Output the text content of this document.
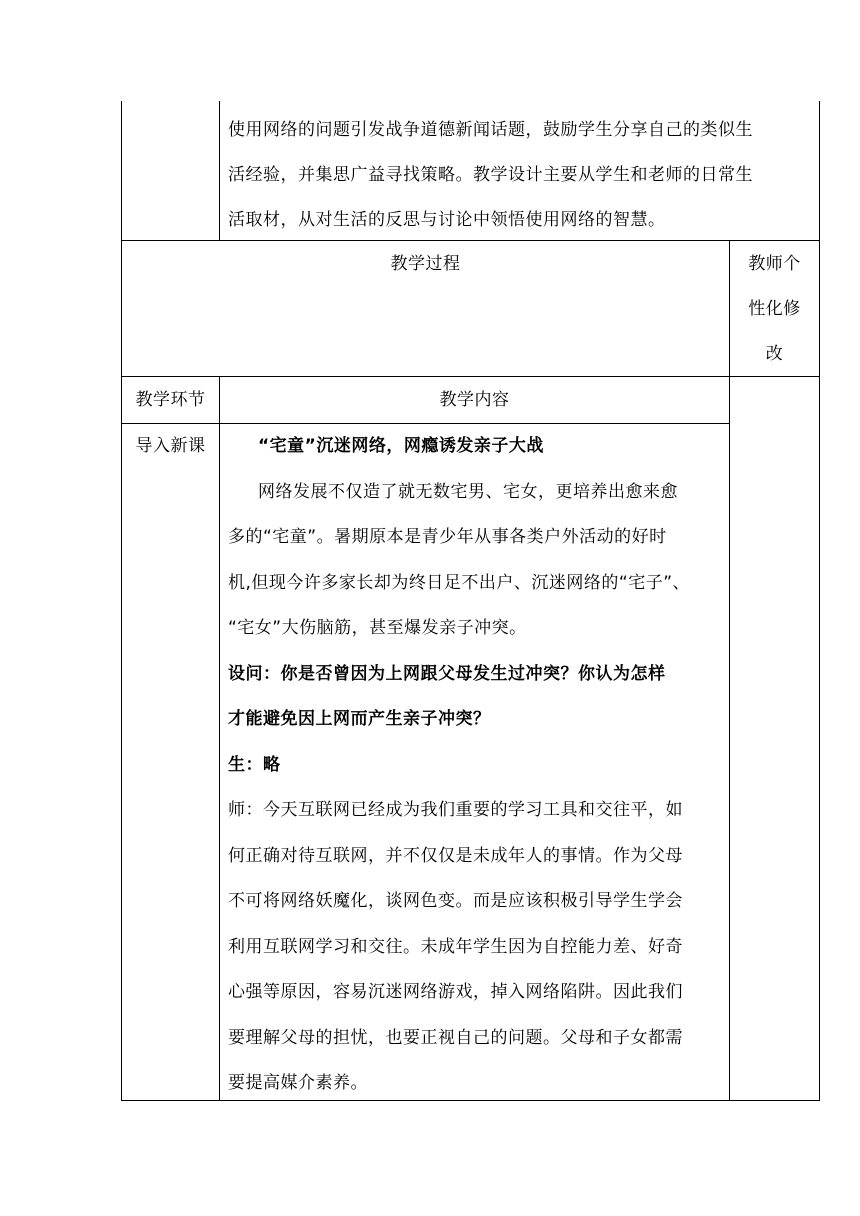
使用网络的问题引发战争道德新闻话题，鼓励学生分享自己的类似生
活经验，并集思广益寻找策略。教学设计主要从学生和老师的日常生
活取材，从对生活的反思与讨论中领悟使用网络的智慧。
教学过程	教师个
性化修
改
教学环节	教学内容
导入新课	“宅童”沉迷网络，网瘾诱发亲子大战
网络发展不仅造了就无数宅男、宅女，更培养出愈来愈
多的“宅童”。暑期原本是青少年从事各类户外活动的好时
机,但现今许多家长却为终日足不出户、沉迷网络的“宅子”、
“宅女”大伤脑筋，甚至爆发亲子冲突。
设问：你是否曾因为上网跟父母发生过冲突？你认为怎样
才能避免因上网而产生亲子冲突？
生：略
师：今天互联网已经成为我们重要的学习工具和交往平，如
何正确对待互联网，并不仅仅是未成年人的事情。作为父母
不可将网络妖魔化，谈网色变。而是应该积极引导学生学会
利用互联网学习和交往。未成年学生因为自控能力差、好奇
心强等原因，容易沉迷网络游戏，掉入网络陷阱。因此我们
要理解父母的担忧，也要正视自己的问题。父母和子女都需
要提高媒介素养。
